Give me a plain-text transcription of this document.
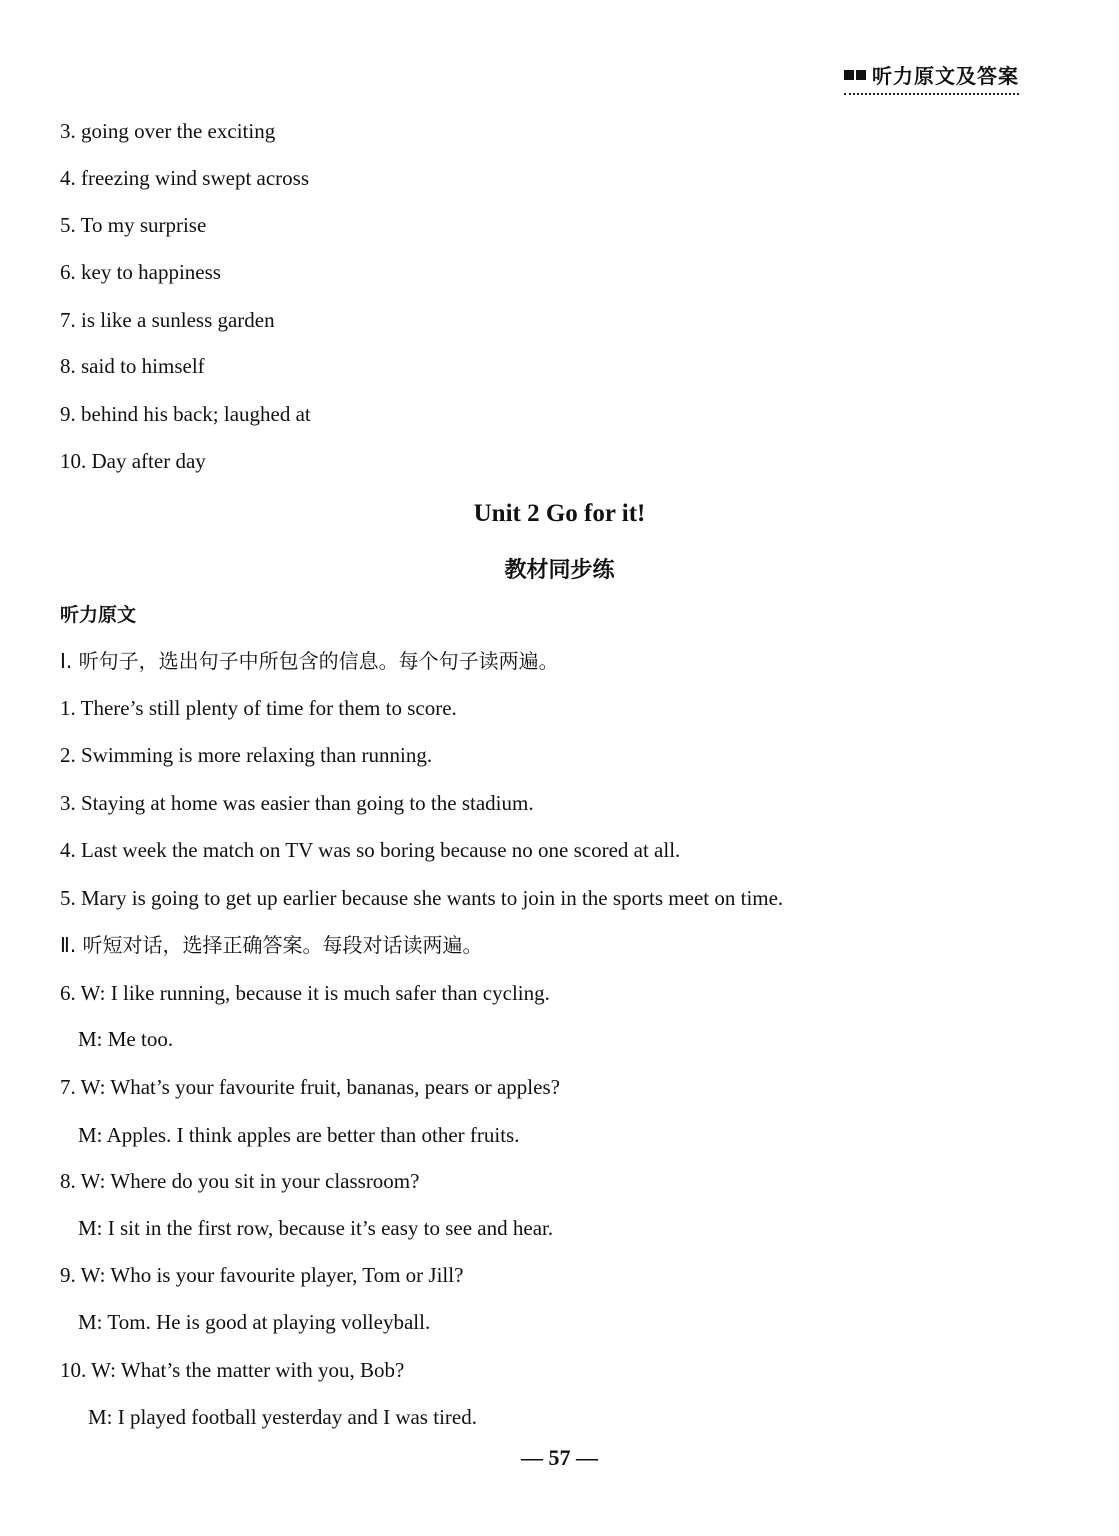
听力原文及答案
3. going over the exciting
4. freezing wind swept across
5. To my surprise
6. key to happiness
7. is like a sunless garden
8. said to himself
9. behind his back; laughed at
10. Day after day
Unit 2 Go for it!
教材同步练
听力原文
Ⅰ. 听句子，选出句子中所包含的信息。每个句子读两遍。
1. There’s still plenty of time for them to score.
2. Swimming is more relaxing than running.
3. Staying at home was easier than going to the stadium.
4. Last week the match on TV was so boring because no one scored at all.
5. Mary is going to get up earlier because she wants to join in the sports meet on time.
Ⅱ. 听短对话，选择正确答案。每段对话读两遍。
6. W: I like running, because it is much safer than cycling.
M: Me too.
7. W: What’s your favourite fruit, bananas, pears or apples?
M: Apples. I think apples are better than other fruits.
8. W: Where do you sit in your classroom?
M: I sit in the first row, because it’s easy to see and hear.
9. W: Who is your favourite player, Tom or Jill?
M: Tom. He is good at playing volleyball.
10. W: What’s the matter with you, Bob?
M: I played football yesterday and I was tired.
— 57 —
